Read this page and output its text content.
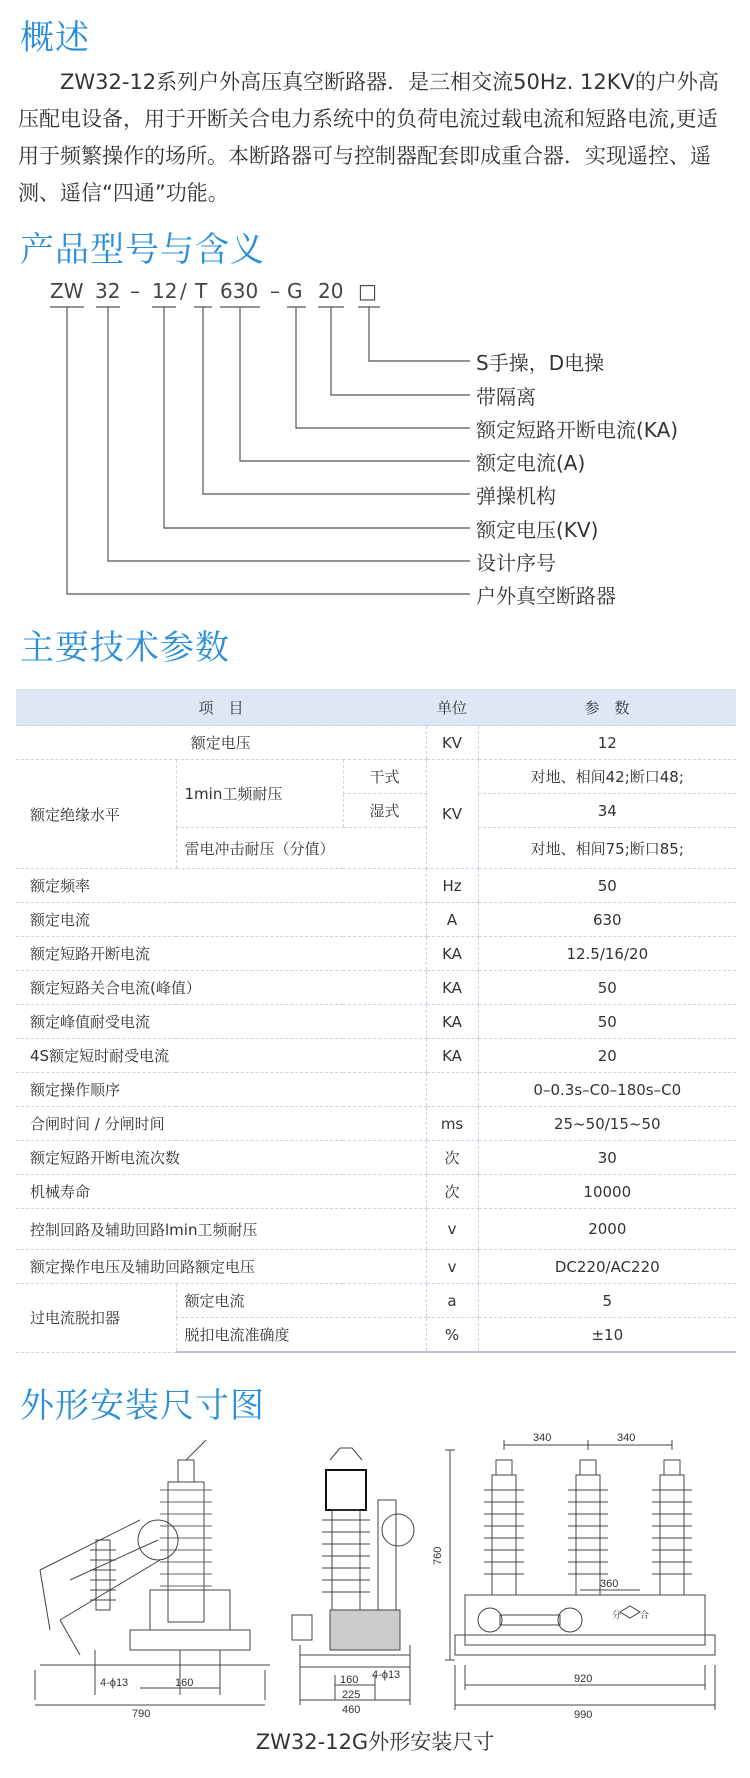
概述
ZW32-12系列户外高压真空断路器．是三相交流50Hz. 12KV的户外高压配电设备，用于开断关合电力系统中的负荷电流过载电流和短路电流,更适用于频繁操作的场所。本断路器可与控制器配套即成重合器．实现遥控、遥测、遥信“四通”功能。
产品型号与含义
ZW 32 – 12 / T 630 – G 20 □
S手操，D电操
带隔离
额定短路开断电流(KA)
额定电流(A)
弹操机构
额定电压(KV)
设计序号
户外真空断路器
主要技术参数
项　目			单位	参　数
额定电压			KV	12
额定绝缘水平	1min工频耐压	干式	KV	对地、相间42;断口48;
		湿式		34
	雷电冲击耐压（分值）			对地、相间75;断口85;
额定频率			Hz	50
额定电流			A	630
额定短路开断电流			KA	12.5/16/20
额定短路关合电流(峰值）			KA	50
额定峰值耐受电流			KA	50
4S额定短时耐受电流			KA	20
额定操作顺序				0–0.3s–C0–180s–C0
合闸时间 / 分闸时间			ms	25~50/15~50
额定短路开断电流次数			次	30
机械寿命			次	10000
控制回路及辅助回路lmin工频耐压			v	2000
额定操作电压及辅助回路额定电压			v	DC220/AC220
过电流脱扣器	额定电流		a	5
	脱扣电流准确度		%	±10
外形安装尺寸图
4-ϕ13	160
790
160 4-ϕ13
225
460
340	340
760
360
分 合
920
990
ZW32-12G外形安装尺寸
